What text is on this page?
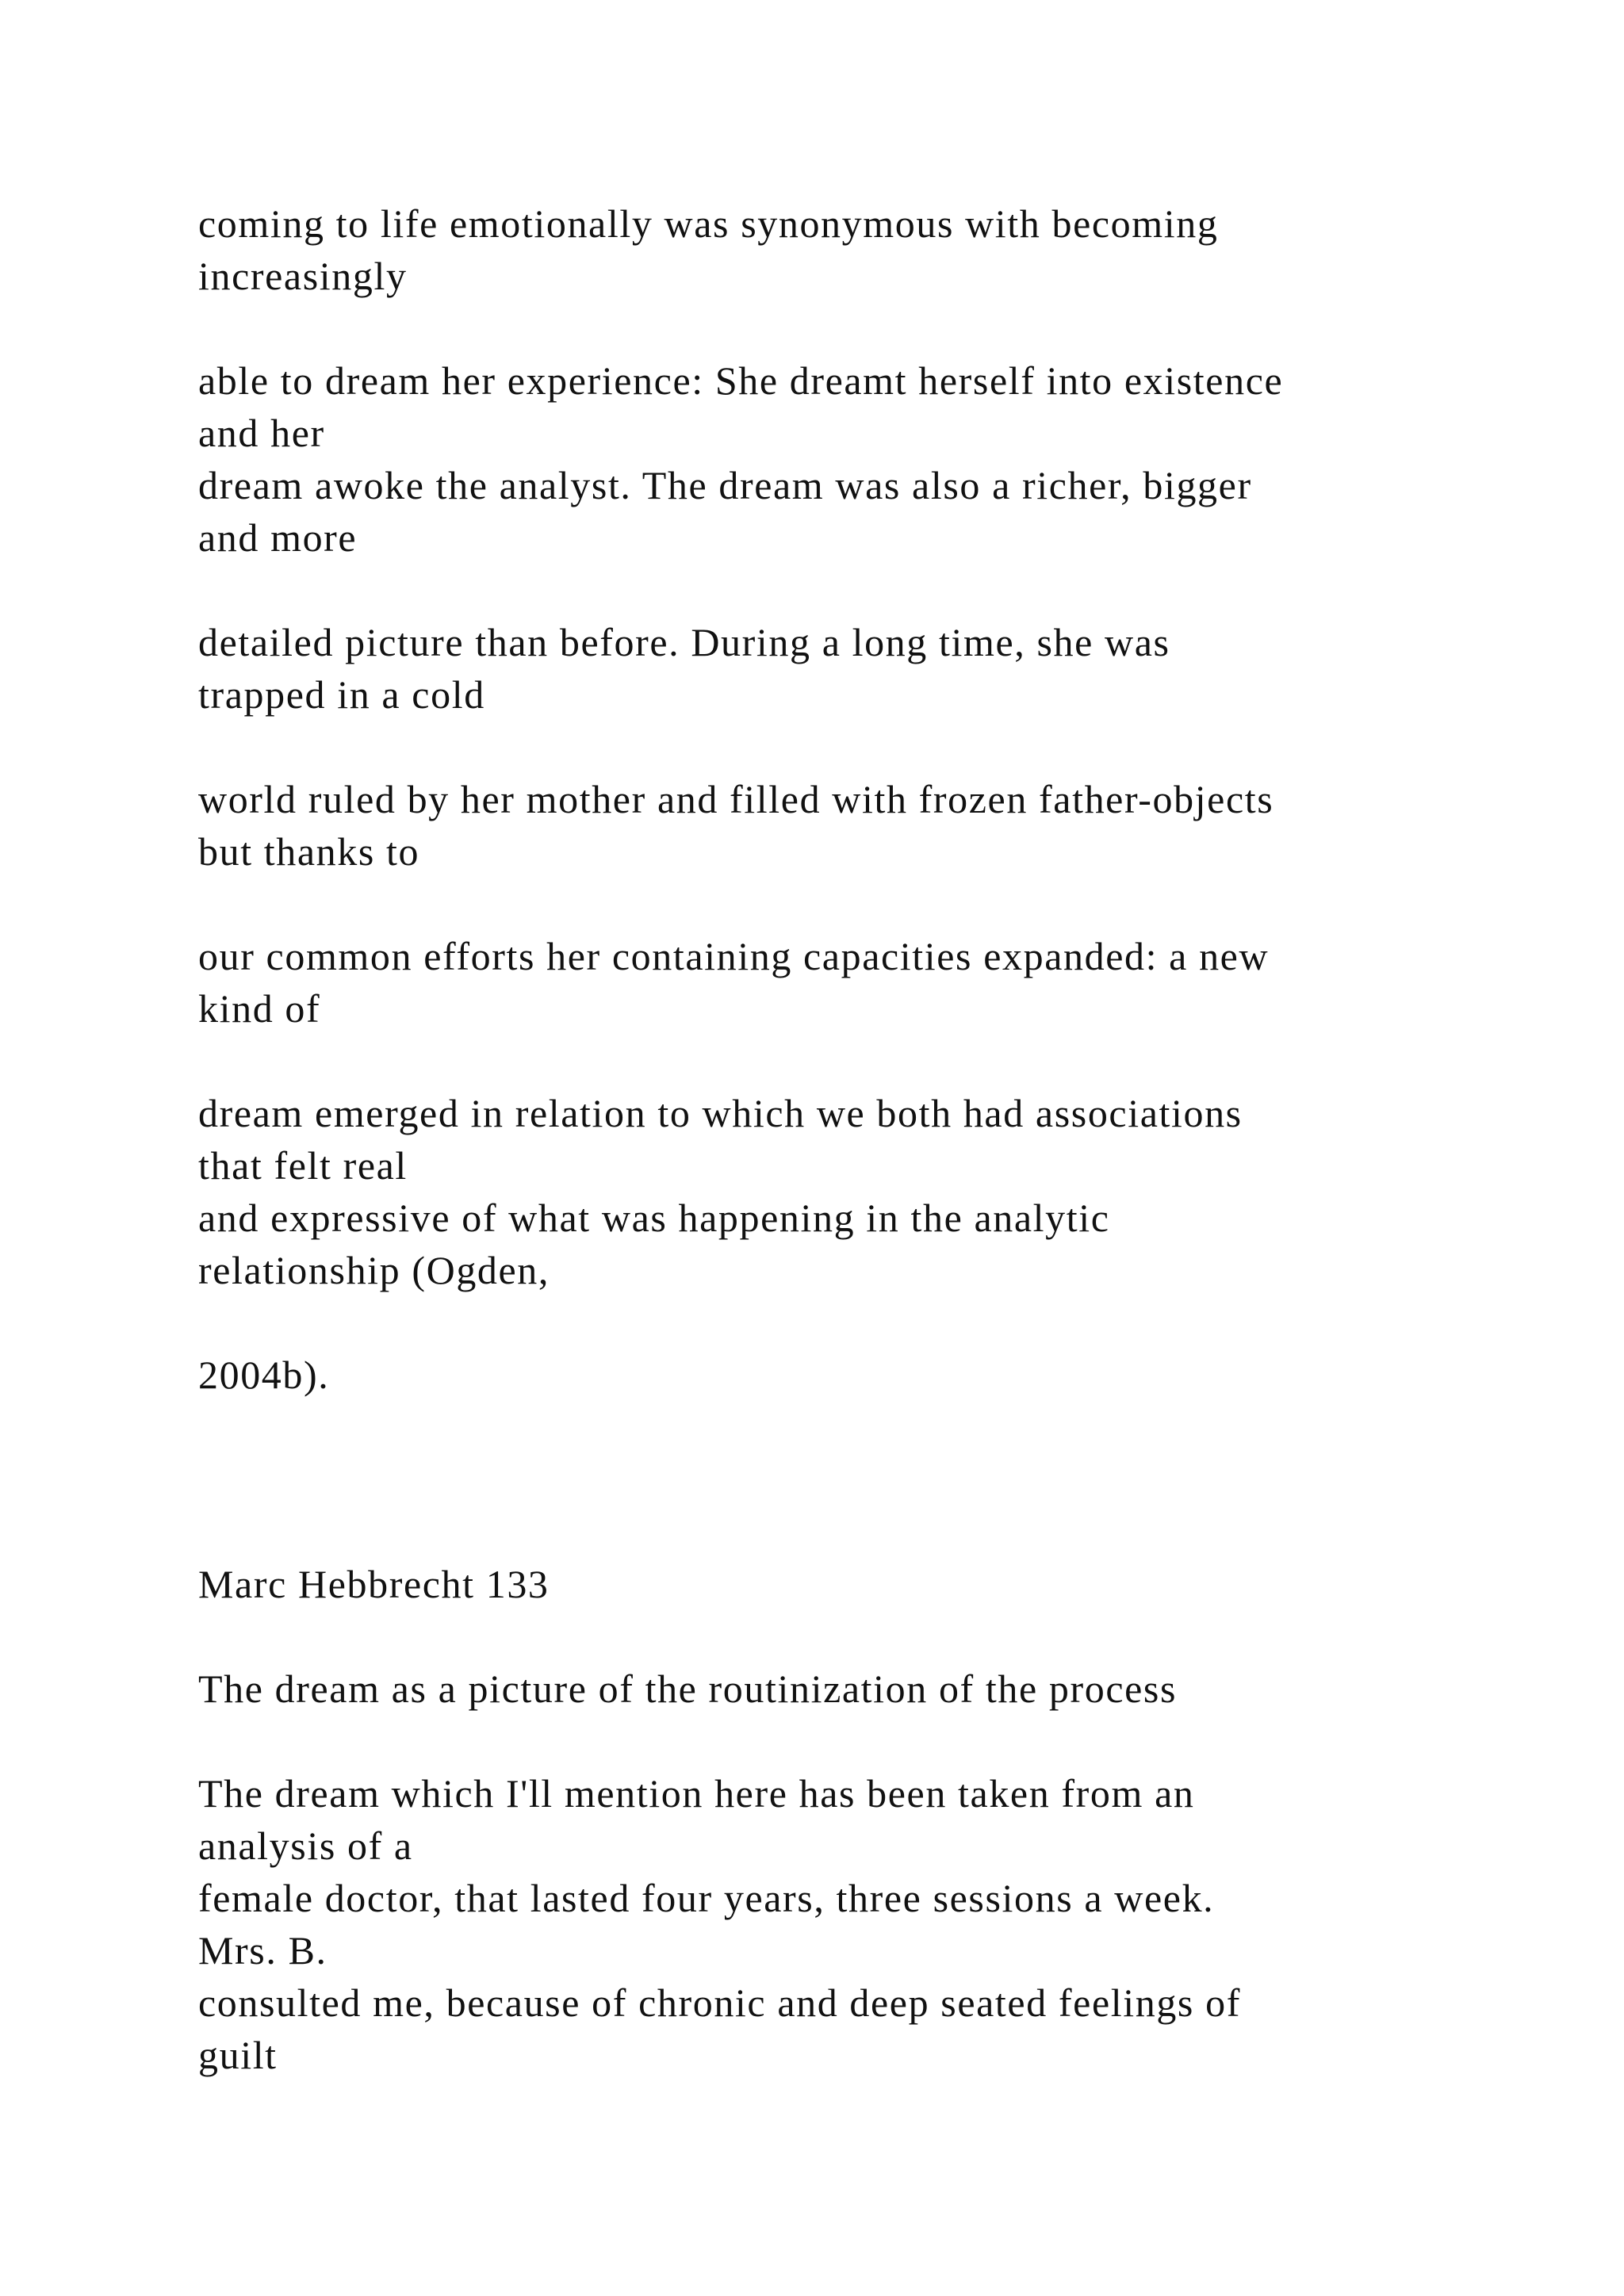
coming to life emotionally was synonymous with becoming

increasingly

able to dream her experience: She dreamt herself into existence

and her

dream awoke the analyst. The dream was also a richer, bigger

and more

detailed picture than before. During a long time, she was

trapped in a cold

world ruled by her mother and filled with frozen father-objects

but thanks to

our common efforts her containing capacities expanded: a new

kind of

dream emerged in relation to which we both had associations

that felt real

and expressive of what was happening in the analytic

relationship (Ogden,

2004b).

Marc Hebbrecht 133

The dream as a picture of the routinization of the process

The dream which I'll mention here has been taken from an

analysis of a

female doctor, that lasted four years, three sessions a week.

Mrs. B.

consulted me, because of chronic and deep seated feelings of

guilt
